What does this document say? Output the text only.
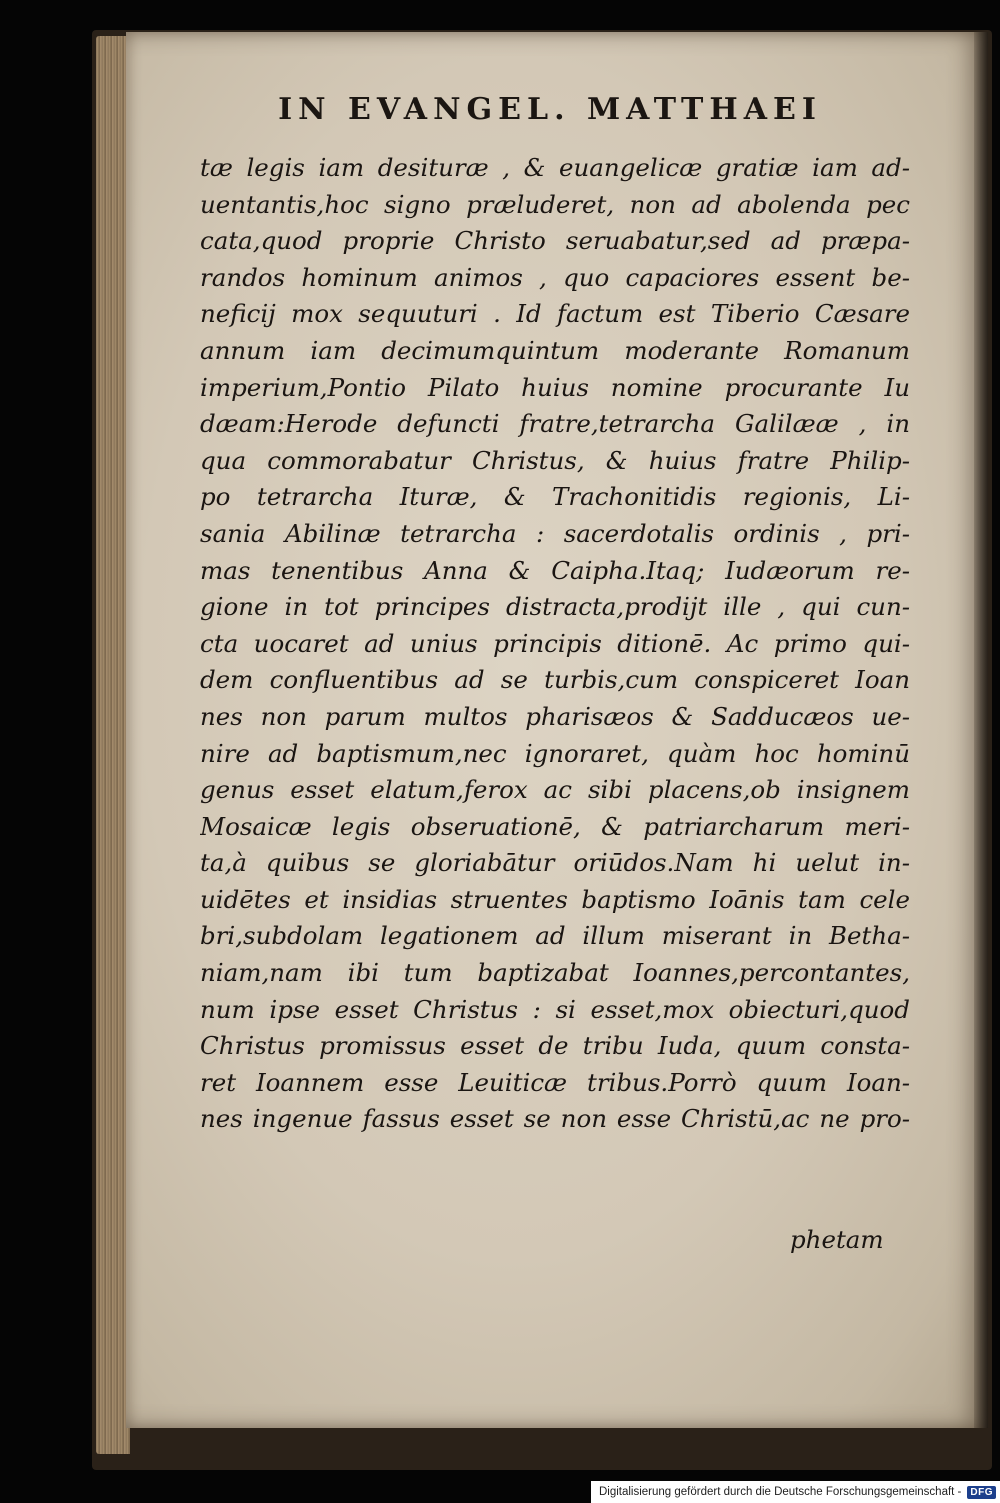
IN EVANGEL. MATTHAEI
tæ legis iam desituræ , & euangelicæ gratiæ iam ad-
uentantis,hoc signo præluderet, non ad abolenda pec
cata,quod proprie Christo seruabatur,sed ad præpa-
randos hominum animos , quo capaciores essent be-
neficij mox sequuturi . Id factum est Tiberio Cæsare
annum iam decimumquintum moderante Romanum
imperium,Pontio Pilato huius nomine procurante Iu
dæam:Herode defuncti fratre,tetrarcha Galilææ , in
qua commorabatur Christus, & huius fratre Philip-
po tetrarcha Ituræ, & Trachonitidis regionis, Li-
sania Abilinæ tetrarcha : sacerdotalis ordinis , pri-
mas tenentibus Anna & Caipha.Itaq; Iudæorum re-
gione in tot principes distracta,prodijt ille , qui cun-
cta uocaret ad unius principis ditionē. Ac primo qui-
dem confluentibus ad se turbis,cum conspiceret Ioan
nes non parum multos pharisæos & Sadducæos ue-
nire ad baptismum,nec ignoraret, quàm hoc hominū
genus esset elatum,ferox ac sibi placens,ob insignem
Mosaicæ legis obseruationē, & patriarcharum meri-
ta,à quibus se gloriabātur oriūdos.Nam hi uelut in-
uidētes et insidias struentes baptismo Ioānis tam cele
bri,subdolam legationem ad illum miserant in Betha-
niam,nam ibi tum baptizabat Ioannes,percontantes,
num ipse esset Christus : si esset,mox obiecturi,quod
Christus promissus esset de tribu Iuda, quum consta-
ret Ioannem esse Leuiticæ tribus.Porrò quum Ioan-
nes ingenue fassus esset se non esse Christū,ac ne pro-
phetam
Digitalisierung gefördert durch die Deutsche Forschungsgemeinschaft - DFG
